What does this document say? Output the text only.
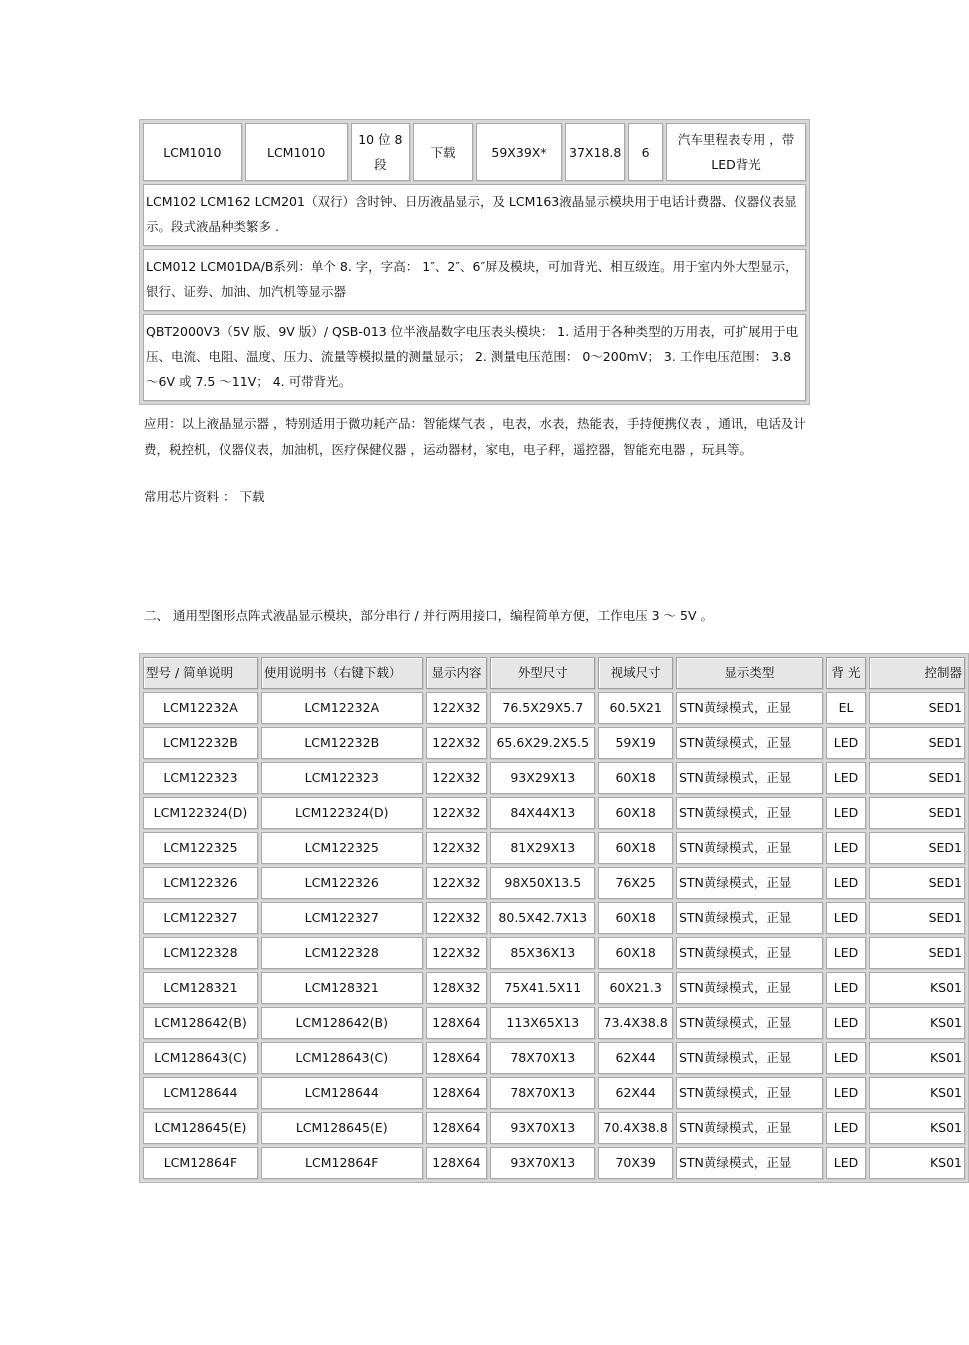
LCM1010	LCM1010	10 位 8 段	下载	59X39X*	37X18.8	6	汽车里程表专用 ，带 LED背光
LCM102 LCM162 LCM201（双行）含时钟、日历液晶显示，及 LCM163液晶显示模块用于电话计费器、仪器仪表显示。段式液晶种类繁多 .
LCM012 LCM01DA/B系列：单个 8. 字，字高： 1″、2″、6″屏及模块，可加背光、相互级连。用于室内外大型显示，银行、证券、加油、加汽机等显示器
QBT2000V3（5V 版、9V 版）/ QSB-013 位半液晶数字电压表头模块： 1. 适用于各种类型的万用表，可扩展用于电压、电流、电阻、温度、压力、流量等模拟量的测量显示； 2. 测量电压范围： 0～200mV； 3. 工作电压范围： 3.8 ～6V 或 7.5 ～11V； 4. 可带背光。

应用：以上液晶显示器 ，特别适用于微功耗产品：智能煤气表 ，电表，水表，热能表，手持便携仪表 ，通讯，电话及计费，税控机，仪器仪表，加油机，医疗保健仪器 ，运动器材，家电，电子秤，遥控器，智能充电器 ，玩具等。

常用芯片资料 ： 下载

二、 通用型图形点阵式液晶显示模块，部分串行 / 并行两用接口，编程简单方便，工作电压 3 ～ 5V 。

型号 / 简单说明	使用说明书（右键下载）	显示内容	外型尺寸	视域尺寸	显示类型	背 光	控制器
LCM12232A	LCM12232A	122X32	76.5X29X5.7	60.5X21	STN黄绿模式，正显	EL	SED1
LCM12232B	LCM12232B	122X32	65.6X29.2X5.5	59X19	STN黄绿模式，正显	LED	SED1
LCM122323	LCM122323	122X32	93X29X13	60X18	STN黄绿模式，正显	LED	SED1
LCM122324(D)	LCM122324(D)	122X32	84X44X13	60X18	STN黄绿模式，正显	LED	SED1
LCM122325	LCM122325	122X32	81X29X13	60X18	STN黄绿模式，正显	LED	SED1
LCM122326	LCM122326	122X32	98X50X13.5	76X25	STN黄绿模式，正显	LED	SED1
LCM122327	LCM122327	122X32	80.5X42.7X13	60X18	STN黄绿模式，正显	LED	SED1
LCM122328	LCM122328	122X32	85X36X13	60X18	STN黄绿模式，正显	LED	SED1
LCM128321	LCM128321	128X32	75X41.5X11	60X21.3	STN黄绿模式，正显	LED	KS01
LCM128642(B)	LCM128642(B)	128X64	113X65X13	73.4X38.8	STN黄绿模式，正显	LED	KS01
LCM128643(C)	LCM128643(C)	128X64	78X70X13	62X44	STN黄绿模式，正显	LED	KS01
LCM128644	LCM128644	128X64	78X70X13	62X44	STN黄绿模式，正显	LED	KS01
LCM128645(E)	LCM128645(E)	128X64	93X70X13	70.4X38.8	STN黄绿模式，正显	LED	KS01
LCM12864F	LCM12864F	128X64	93X70X13	70X39	STN黄绿模式，正显	LED	KS01
